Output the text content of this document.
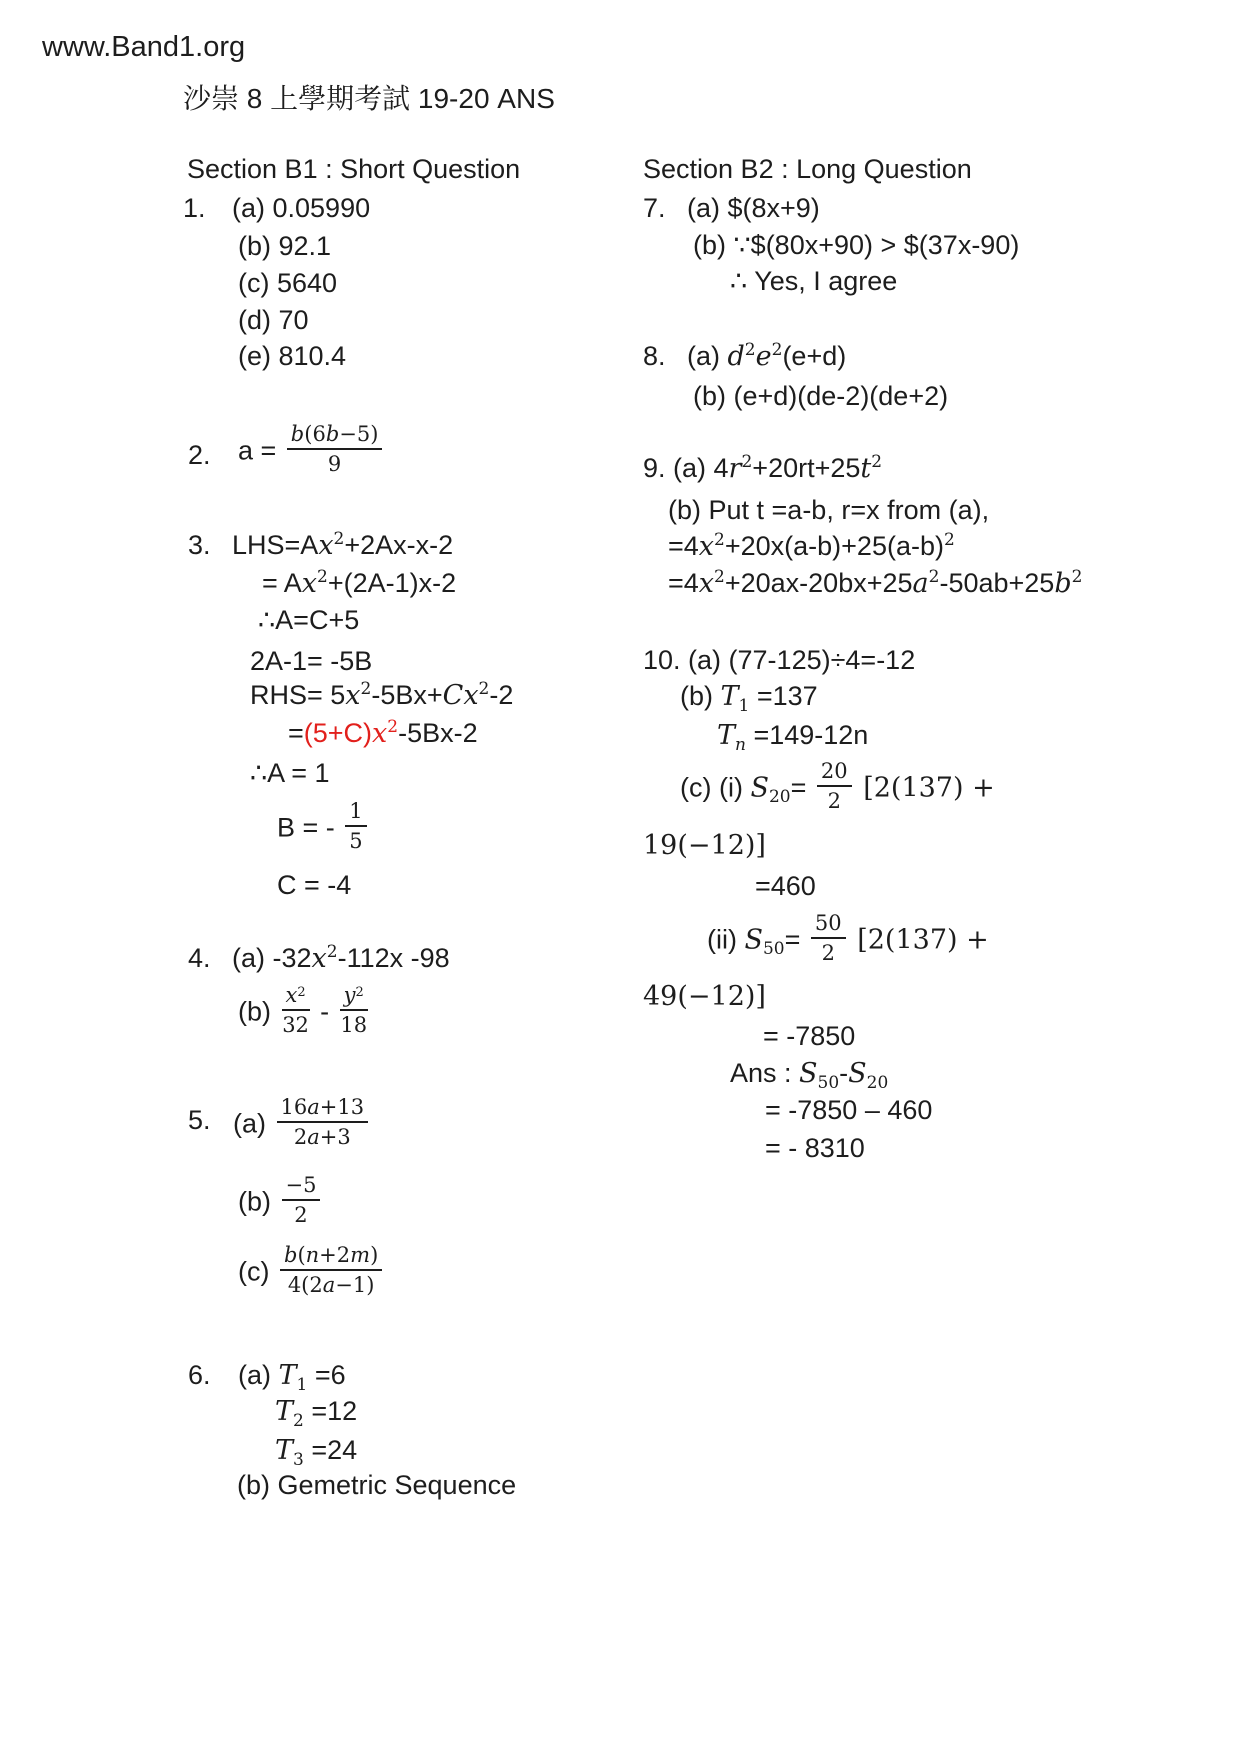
www.Band1.org
沙崇 8 上學期考試 19-20 ANS
Section B1 : Short Question
1. (a) 0.05990
(b) 92.1
(c) 5640
(d) 70
(e) 810.4
2. $a = \frac{b(6b-5)}{9}$
3. $LHS=Ax^2+2Ax-x-2$
= $Ax^2+(2A-1)x-2$
∴A=C+5
2A-1= -5B
$RHS= 5x^2-5Bx+Cx^2-2$
$=(5+C)x^2-5Bx-2$
∴A = 1
B = - $\frac{1}{5}$
C = -4
4. (a) $-32x^2-112x$ -98
$(b) \frac{x^2}{32} - \frac{y^2}{18}$
5. $(a) \frac{16a+13}{2a+3}$
$(b) \frac{-5}{2}$
$(c) \frac{b(n+2m)}{4(2a-1)}$
6. (a) $T_1 =6$
$T_2 =12$
$T_3 =24$
(b) Gemetric Sequence
Section B2 : Long Question
7. (a) $(8x+9)
(b) ∵$(80x+90) > $(37x-90)
∴ Yes, I agree
8. (a) $d^2e^2(e+d)$
(b) (e+d)(de-2)(de+2)
9. (a) $4r^2+20rt+25t^2$
(b) Put t =a-b, r=x from (a),
$=4x^2+20x(a-b)+25(a-b)^2$
$=4x^2+20ax-20bx+25a^2-50ab+25b^2$
10. (a) (77-125)÷4=-12
(b) $T_1 =137$
$T_n =149-12n$
(c) (i) $S_{20}= \frac{20}{2} [2(137)$ +
19(−12)]
=460
(ii) $S_{50}= \frac{50}{2} [2(137)$ +
49(−12)]
= -7850
Ans : $S_{50}-S_{20}$
= -7850 – 460
= - 8310
